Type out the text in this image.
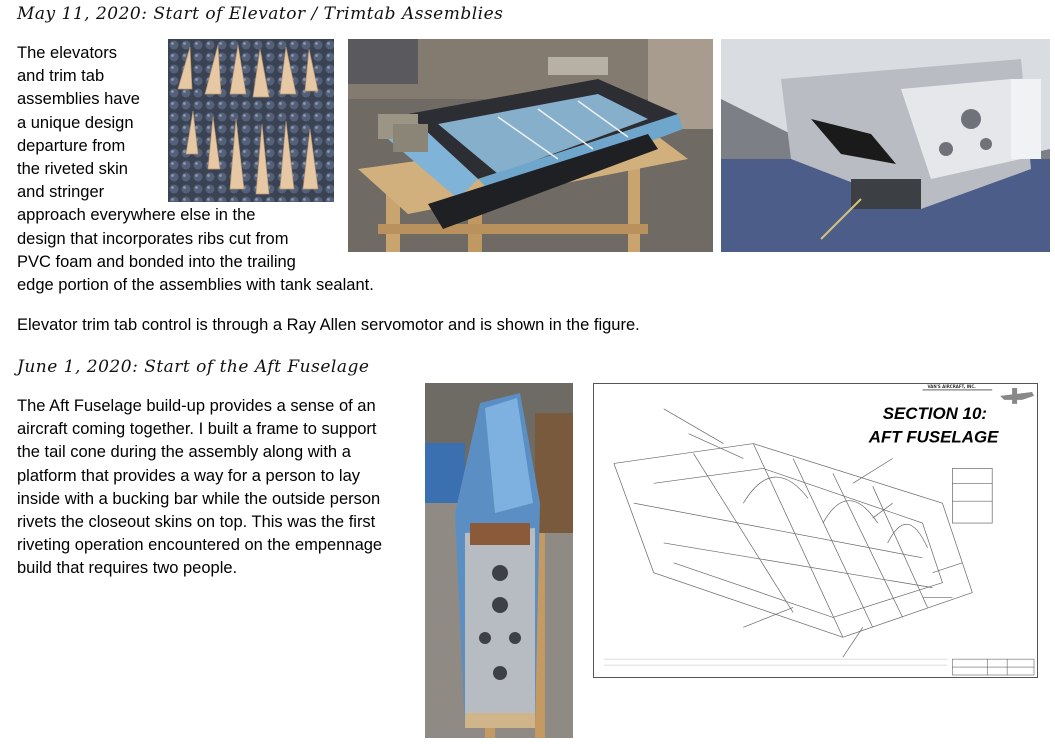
May 11, 2020: Start of Elevator / Trimtab Assemblies

The elevators
and trim tab
assemblies have
a unique design
departure from
the riveted skin
and stringer
approach everywhere else in the
design that incorporates ribs cut from
PVC foam and bonded into the trailing
edge portion of the assemblies with tank sealant.

Elevator trim tab control is through a Ray Allen servomotor and is shown in the figure.

June 1, 2020: Start of the Aft Fuselage

The Aft Fuselage build-up provides a sense of an
aircraft coming together. I built a frame to support
the tail cone during the assembly along with a
platform that provides a way for a person to lay
inside with a bucking bar while the outside person
rivets the closeout skins on top. This was the first
riveting operation encountered on the empennage
build that requires two people.

VAN'S AIRCRAFT, INC.
SECTION 10:
AFT FUSELAGE
